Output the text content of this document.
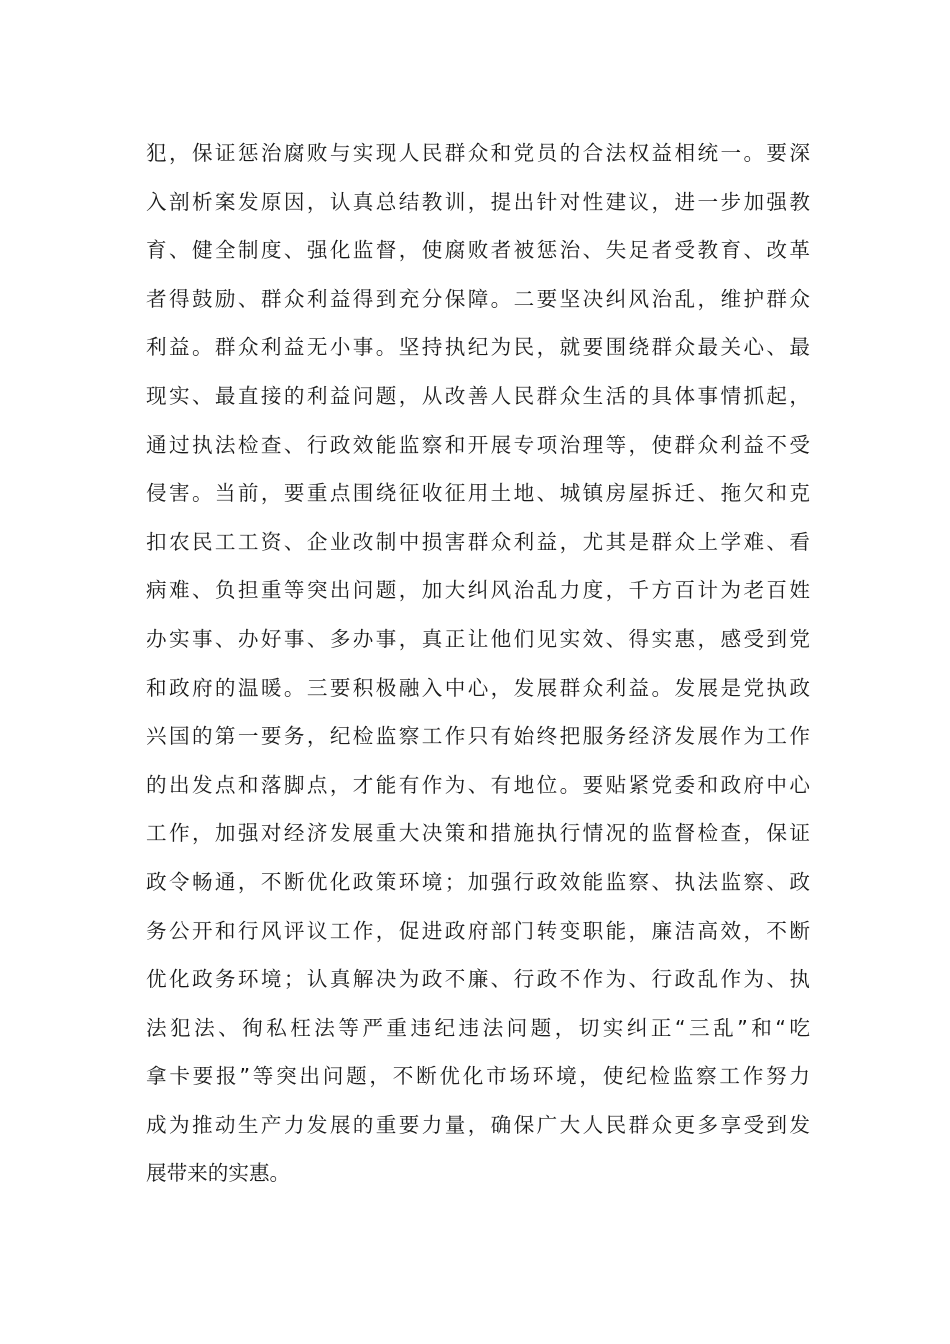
犯，保证惩治腐败与实现人民群众和党员的合法权益相统一。要深
入剖析案发原因，认真总结教训，提出针对性建议，进一步加强教
育、健全制度、强化监督，使腐败者被惩治、失足者受教育、改革
者得鼓励、群众利益得到充分保障。二要坚决纠风治乱，维护群众
利益。群众利益无小事。坚持执纪为民，就要围绕群众最关心、最
现实、最直接的利益问题，从改善人民群众生活的具体事情抓起，
通过执法检查、行政效能监察和开展专项治理等，使群众利益不受
侵害。当前，要重点围绕征收征用土地、城镇房屋拆迁、拖欠和克
扣农民工工资、企业改制中损害群众利益，尤其是群众上学难、看
病难、负担重等突出问题，加大纠风治乱力度，千方百计为老百姓
办实事、办好事、多办事，真正让他们见实效、得实惠，感受到党
和政府的温暖。三要积极融入中心，发展群众利益。发展是党执政
兴国的第一要务，纪检监察工作只有始终把服务经济发展作为工作
的出发点和落脚点，才能有作为、有地位。要贴紧党委和政府中心
工作，加强对经济发展重大决策和措施执行情况的监督检查，保证
政令畅通，不断优化政策环境；加强行政效能监察、执法监察、政
务公开和行风评议工作，促进政府部门转变职能，廉洁高效，不断
优化政务环境；认真解决为政不廉、行政不作为、行政乱作为、执
法犯法、徇私枉法等严重违纪违法问题，切实纠正“三乱”和“吃
拿卡要报”等突出问题，不断优化市场环境，使纪检监察工作努力
成为推动生产力发展的重要力量，确保广大人民群众更多享受到发
展带来的实惠。
